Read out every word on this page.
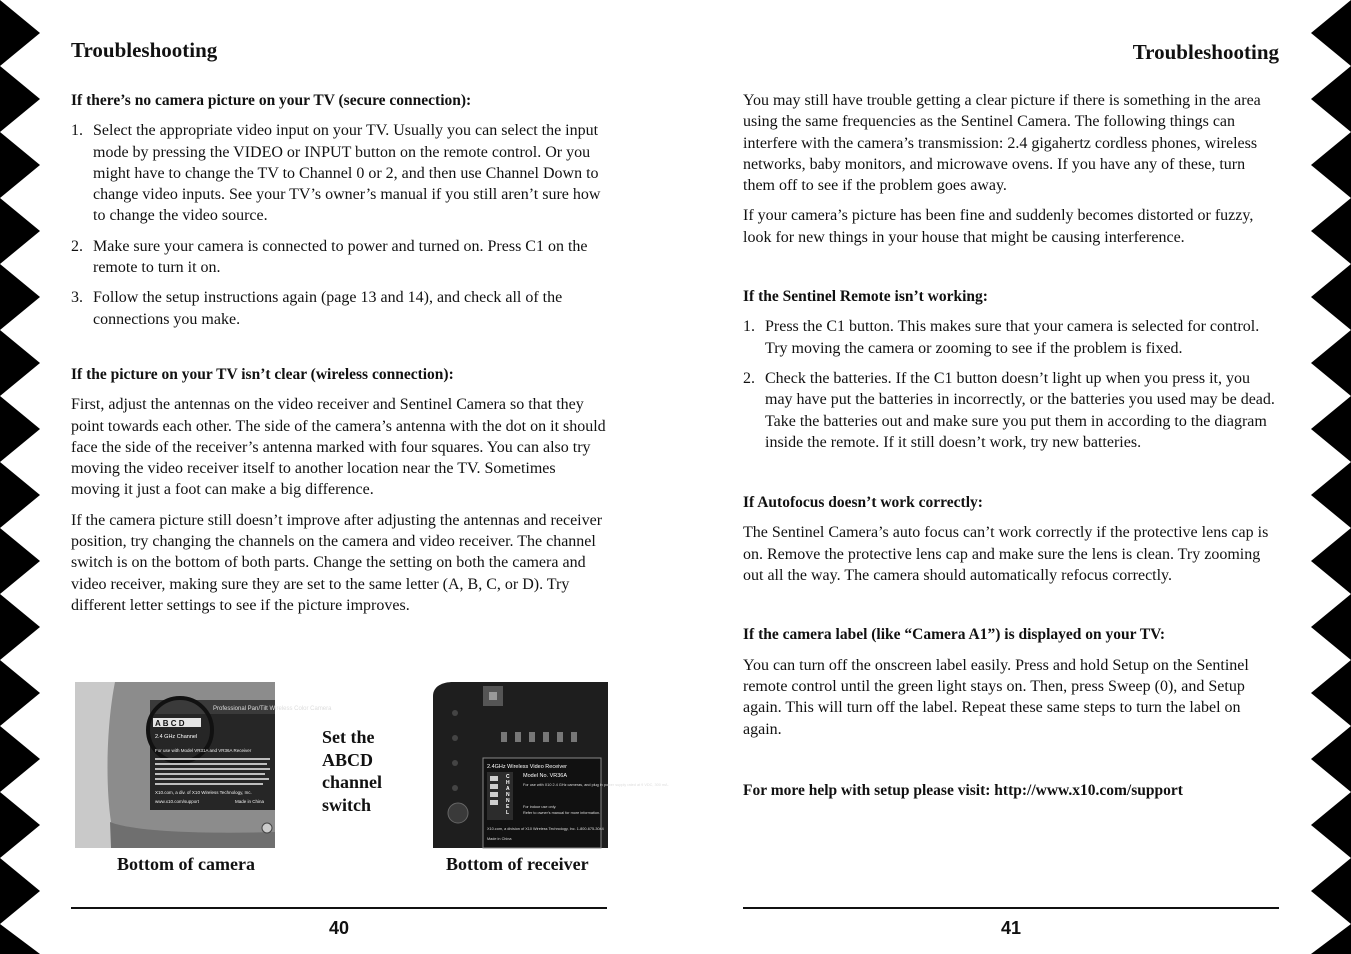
Troubleshooting
If there’s no camera picture on your TV (secure connection):
1. Select the appropriate video input on your TV. Usually you can select the input mode by pressing the VIDEO or INPUT button on the remote control. Or you might have to change the TV to Channel 0 or 2, and then use Channel Down to change video inputs. See your TV’s owner’s manual if you still aren’t sure how to change the video source.
2. Make sure your camera is connected to power and turned on. Press C1 on the remote to turn it on.
3. Follow the setup instructions again (page 13 and 14), and check all of the connections you make.
If the picture on your TV isn’t clear (wireless connection):

First, adjust the antennas on the video receiver and Sentinel Camera so that they point towards each other. The side of the camera’s antenna with the dot on it should face the side of the receiver’s antenna marked with four squares. You can also try moving the video receiver itself to another location near the TV. Sometimes moving it just a foot can make a big difference.

If the camera picture still doesn’t improve after adjusting the antennas and receiver position, try changing the channels on the camera and video receiver. The channel switch is on the bottom of both parts. Change the setting on both the camera and video receiver, making sure they are set to the same letter (A, B, C, or D). Try different letter settings to see if the picture improves.

A B C D
2.4 GHz Channel
Professional Pan/Tilt Wireless Color Camera
For use with Model VR31A and VR36A Receiver
X10.com, a div. of X10 Wireless Technology, Inc.
www.x10.com/support	Made in China
Set the ABCD channel switch
2.4GHz Wireless Video Receiver
Model No. VR36A
For use with X10 2.4 GHz cameras, and plug in power supply rated at 9 VDC, 300 mA.
For indoor use only.
Refer to owner's manual for more information.
X10.com, a division of X10 Wireless Technology, Inc. 1-800-675-3044
Made in China
C
H
A
N
N
E
L
Bottom of camera	Bottom of receiver
40
Troubleshooting

You may still have trouble getting a clear picture if there is something in the area using the same frequencies as the Sentinel Camera. The following things can interfere with the camera’s transmission: 2.4 gigahertz cordless phones, wireless networks, baby monitors, and microwave ovens. If you have any of these, turn them off to see if the problem goes away.

If your camera’s picture has been fine and suddenly becomes distorted or fuzzy, look for new things in your house that might be causing interference.

If the Sentinel Remote isn’t working:
1. Press the C1 button. This makes sure that your camera is selected for control. Try moving the camera or zooming to see if the problem is fixed.
2. Check the batteries. If the C1 button doesn’t light up when you press it, you may have put the batteries in incorrectly, or the batteries you used may be dead. Take the batteries out and make sure you put them in according to the diagram inside the remote. If it still doesn’t work, try new batteries.
If Autofocus doesn’t work correctly:

The Sentinel Camera’s auto focus can’t work correctly if the protective lens cap is on. Remove the protective lens cap and make sure the lens is clean. Try zooming out all the way. The camera should automatically refocus correctly.

If the camera label (like “Camera A1”) is displayed on your TV:

You can turn off the onscreen label easily. Press and hold Setup on the Sentinel remote control until the green light stays on. Then, press Sweep (0), and Setup again. This will turn off the label. Repeat these same steps to turn the label on again.

For more help with setup please visit: http://www.x10.com/support

41
